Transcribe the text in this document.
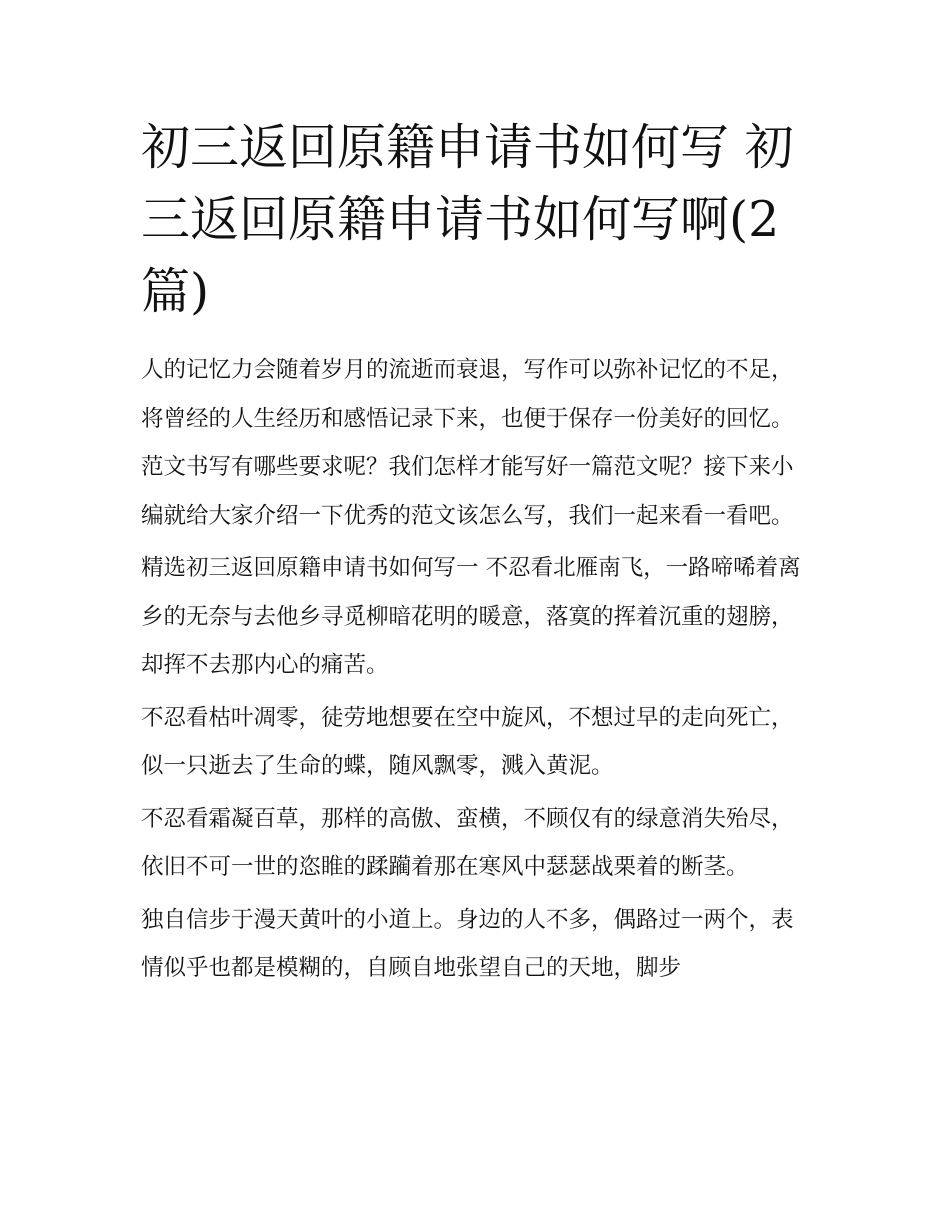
初三返回原籍申请书如何写 初三返回原籍申请书如何写啊(2篇)

人的记忆力会随着岁月的流逝而衰退，写作可以弥补记忆的不足，将曾经的人生经历和感悟记录下来，也便于保存一份美好的回忆。范文书写有哪些要求呢？我们怎样才能写好一篇范文呢？接下来小编就给大家介绍一下优秀的范文该怎么写，我们一起来看一看吧。

精选初三返回原籍申请书如何写一 不忍看北雁南飞，一路啼唏着离乡的无奈与去他乡寻觅柳暗花明的暖意，落寞的挥着沉重的翅膀，却挥不去那内心的痛苦。

不忍看枯叶凋零，徒劳地想要在空中旋风，不想过早的走向死亡，似一只逝去了生命的蝶，随风飘零，溅入黄泥。

不忍看霜凝百草，那样的高傲、蛮横，不顾仅有的绿意消失殆尽，依旧不可一世的恣睢的蹂躏着那在寒风中瑟瑟战栗着的断茎。

独自信步于漫天黄叶的小道上。身边的人不多，偶路过一两个，表情似乎也都是模糊的，自顾自地张望自己的天地，脚步
